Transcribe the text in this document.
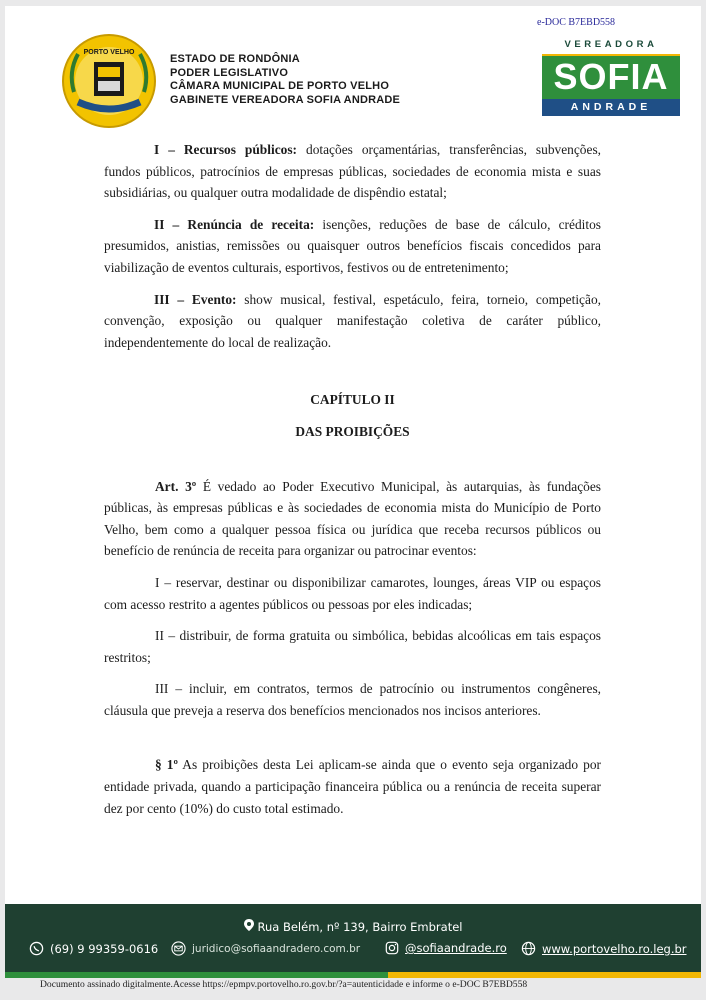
e-DOC B7EBD558
PORTO VELHO
ESTADO DE RONDÔNIA
PODER LEGISLATIVO
CÂMARA MUNICIPAL DE PORTO VELHO
GABINETE VEREADORA SOFIA ANDRADE
VEREADORA
SOFIA
ANDRADE

I – Recursos públicos: dotações orçamentárias, transferências, subvenções, fundos públicos, patrocínios de empresas públicas, sociedades de economia mista e suas subsidiárias, ou qualquer outra modalidade de dispêndio estatal;

II – Renúncia de receita: isenções, reduções de base de cálculo, créditos presumidos, anistias, remissões ou quaisquer outros benefícios fiscais concedidos para viabilização de eventos culturais, esportivos, festivos ou de entretenimento;

III – Evento: show musical, festival, espetáculo, feira, torneio, competição, convenção, exposição ou qualquer manifestação coletiva de caráter público, independentemente do local de realização.

CAPÍTULO II

DAS PROIBIÇÕES

Art. 3º É vedado ao Poder Executivo Municipal, às autarquias, às fundações públicas, às empresas públicas e às sociedades de economia mista do Município de Porto Velho, bem como a qualquer pessoa física ou jurídica que receba recursos públicos ou benefício de renúncia de receita para organizar ou patrocinar eventos:

I – reservar, destinar ou disponibilizar camarotes, lounges, áreas VIP ou espaços com acesso restrito a agentes públicos ou pessoas por eles indicadas;

II – distribuir, de forma gratuita ou simbólica, bebidas alcoólicas em tais espaços restritos;

III – incluir, em contratos, termos de patrocínio ou instrumentos congêneres, cláusula que preveja a reserva dos benefícios mencionados nos incisos anteriores.

§ 1º As proibições desta Lei aplicam-se ainda que o evento seja organizado por entidade privada, quando a participação financeira pública ou a renúncia de receita superar dez por cento (10%) do custo total estimado.

Rua Belém, nº 139, Bairro Embratel
(69) 9 99359-0616	juridico@sofiaandradero.com.br	@sofiaandrade.ro	www.portovelho.ro.leg.br
Documento assinado digitalmente.Acesse https://epmpv.portovelho.ro.gov.br/?a=autenticidade e informe o e-DOC B7EBD558
